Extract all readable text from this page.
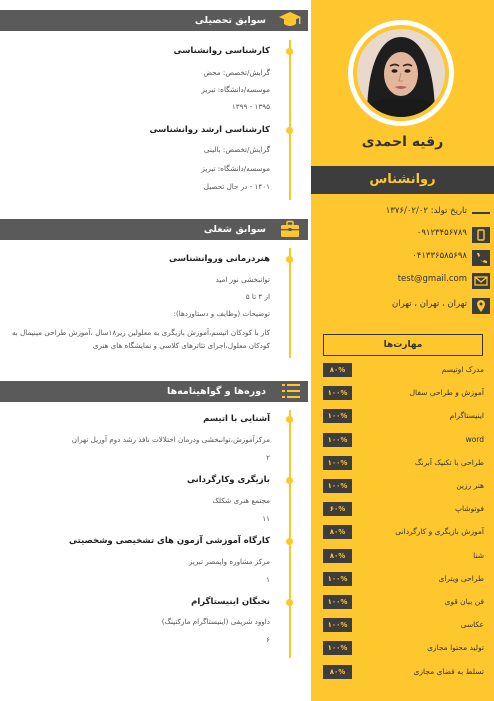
رقیه احمدی
روانشناس
تاریخ تولد: ۱۳۷۶/۰۲/۰۲
۰۹۱۲۳۴۵۶۷۸۹
۰۴۱۳۳۶۵۸۵۶۹۸
test@gmail.com
تهران ، تهران ، تهران
مهارت‌ها
مدرک اوتیسم
۸۰%
آموزش و طراحی سفال
۱۰۰%
اینیستاگرام
۱۰۰%
word
۱۰۰%
طراحی با تکنیک آبرنگ
۱۰۰%
هنر رزین
۱۰۰%
فوتوشاپ
۶۰%
آموزش بازیگری و کارگردانی
۸۰%
شنا
۸۰%
طراحی ویترای
۱۰۰%
فن بیان قوی
۱۰۰%
عکاسی
۱۰۰%
تولید محتوا مجازی
۱۰۰%
تسلط به فضای مجازی
۸۰%
سوابق تحصیلی
کارشناسی روانشناسی
گرایش/تخصص: محض
موسسه/دانشگاه: تبریز
۱۳۹۵ - ۱۳۹۹
کارشناسی ارشد روانشناسی
گرایش/تخصص: بالینی
موسسه/دانشگاه: تبریز
۱۴۰۱ - در حال تحصیل
سوابق شغلی
هنردرمانی وروانشناسی
توانبخشی نور امید
از ۴ تا ۵
توضیحات (وظایف و دستاوردها):
کار با کودکان اتیسم،آموزش بازیگری به معلولین زیر۱۸سال ،آموزش طراحی مینیمال به کودکان معلول،اجرای تئاترهای کلاسی و نمایشگاه های هنری
دوره‌ها و گواهینامه‌ها
آشنایی با اتیسم
مرکزآموزش،توانبخشی ودرمان اختلالات نافذ رشد دوم آوریل تهران
۲
بازیگری وکارگردانی
مجتمع هنری شکلک
۱۱
کارگاه آموزشی آزمون های تشخیصی وشخصیتی
مرکز مشاوره وایمصر تبریز
۱
نخبگان اینیستاگرام
داوود شریفی (اینیستاگرام مارکتینگ)
۶
